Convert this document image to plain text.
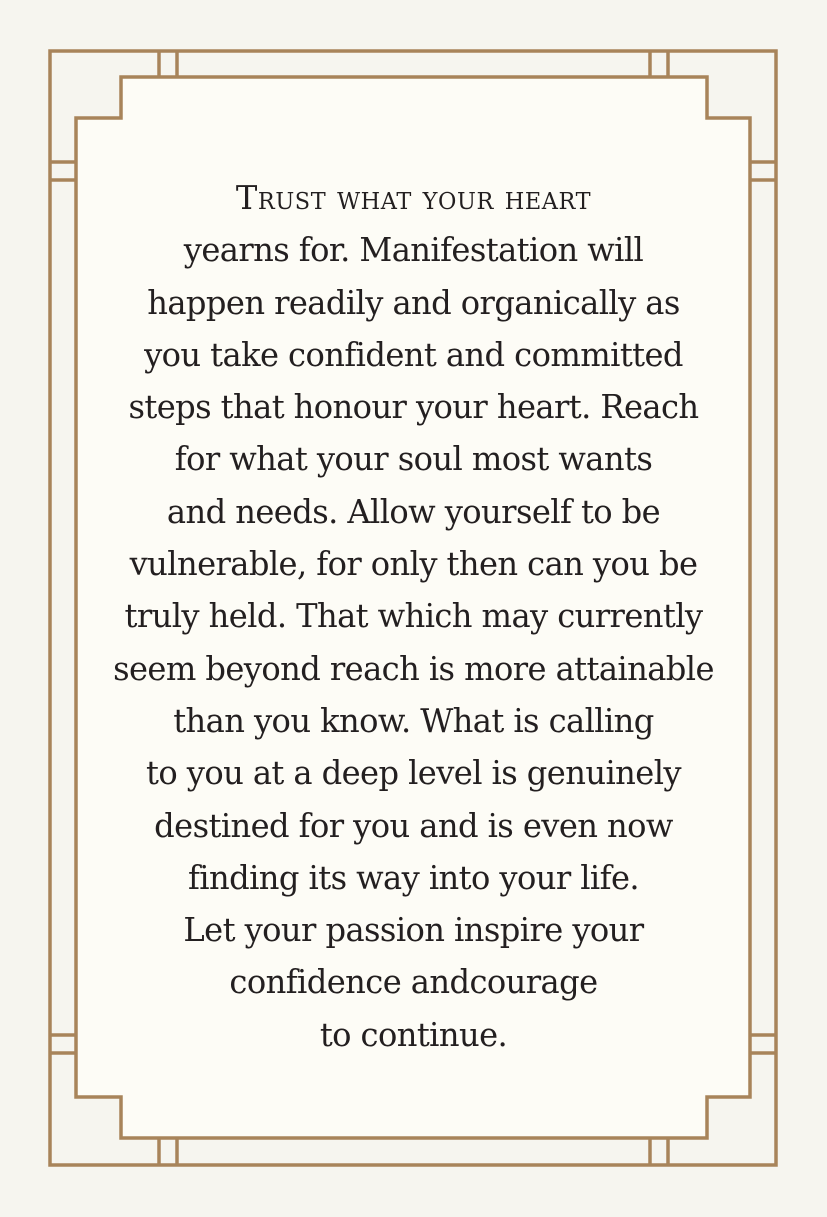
Trust what your heart yearns for. Manifestation will happen readily and organically as you take confident and committed steps that honour your heart. Reach for what your soul most wants and needs. Allow yourself to be vulnerable, for only then can you be truly held. That which may currently seem beyond reach is more attainable than you know. What is calling to you at a deep level is genuinely destined for you and is even now finding its way into your life. Let your passion inspire your confidence andcourage to continue.
